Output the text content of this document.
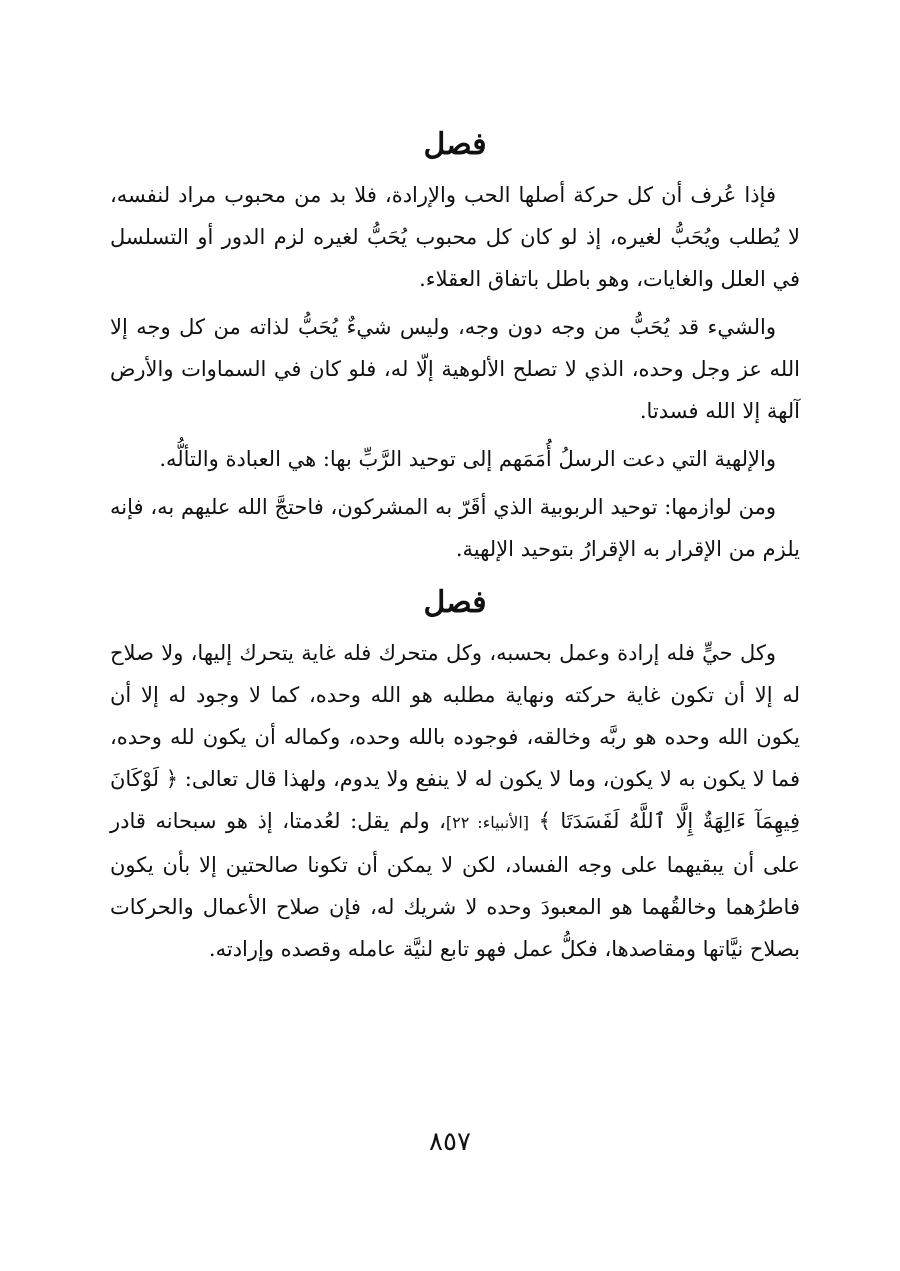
فصل

فإذا عُرف أن كل حركة أصلها الحب والإرادة، فلا بد من محبوب مراد لنفسه، لا يُطلب ويُحَبُّ لغيره، إذ لو كان كل محبوب يُحَبُّ لغيره لزم الدور أو التسلسل في العلل والغايات، وهو باطل باتفاق العقلاء.

والشيء قد يُحَبُّ من وجه دون وجه، وليس شيءٌ يُحَبُّ لذاته من كل وجه إلا الله عز وجل وحده، الذي لا تصلح الألوهية إلّا له، فلو كان في السماوات والأرض آلهة إلا الله فسدتا.

والإلهية التي دعت الرسلُ أُمَمَهم إلى توحيد الرَّبِّ بها: هي العبادة والتألُّه.

ومن لوازمها: توحيد الربوبية الذي أقَرّ به المشركون، فاحتجَّ الله عليهم به، فإنه يلزم من الإقرار به الإقرارُ بتوحيد الإلهية.

فصل

وكل حيٍّ فله إرادة وعمل بحسبه، وكل متحرك فله غاية يتحرك إليها، ولا صلاح له إلا أن تكون غاية حركته ونهاية مطلبه هو الله وحده، كما لا وجود له إلا أن يكون الله وحده هو ربَّه وخالقه، فوجوده بالله وحده، وكماله أن يكون لله وحده، فما لا يكون به لا يكون، وما لا يكون له لا ينفع ولا يدوم، ولهذا قال تعالى: ﴿ لَوْكَانَ فِيهِمَآ ءَالِهَةٌ إِلَّا ٱللَّهُ لَفَسَدَتَا ﴾ [الأنبياء: ٢٢]، ولم يقل: لعُدمتا، إذ هو سبحانه قادر على أن يبقيهما على وجه الفساد، لكن لا يمكن أن تكونا صالحتين إلا بأن يكون فاطرُهما وخالقُهما هو المعبودَ وحده لا شريك له، فإن صلاح الأعمال والحركات بصلاح نيَّاتها ومقاصدها، فكلُّ عمل فهو تابع لنيَّة عامله وقصده وإرادته.

٨٥٧
